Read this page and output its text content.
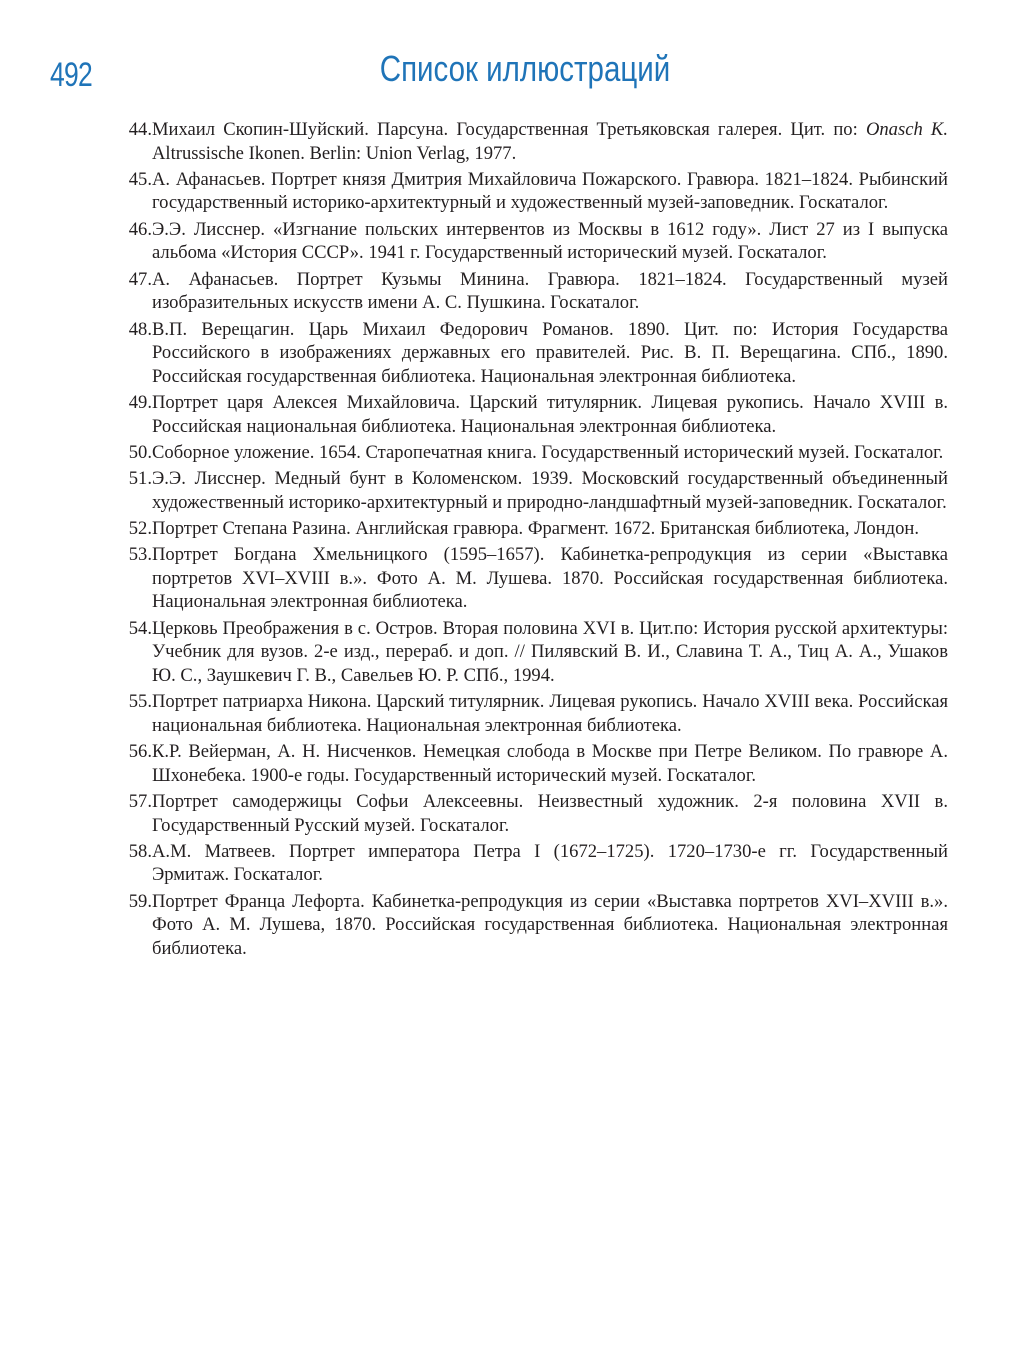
492	Список иллюстраций
44. Михаил Скопин-Шуйский. Парсуна. Государственная Третьяковская галерея. Цит. по: Onasch K. Altrussische Ikonen. Berlin: Union Verlag, 1977.
45. А. Афанасьев. Портрет князя Дмитрия Михайловича Пожарского. Гравюра. 1821–1824. Рыбинский государственный историко-архитектурный и художественный музей-заповедник. Госкаталог.
46. Э.Э. Лисснер. «Изгнание польских интервентов из Москвы в 1612 году». Лист 27 из I выпуска альбома «История СССР». 1941 г. Государственный исторический музей. Госкаталог.
47. А. Афанасьев. Портрет Кузьмы Минина. Гравюра. 1821–1824. Государственный музей изобразительных искусств имени А. С. Пушкина. Госкаталог.
48. В.П. Верещагин. Царь Михаил Федорович Романов. 1890. Цит. по: История Государства Российского в изображениях державных его правителей. Рис. В. П. Верещагина. СПб., 1890. Российская государственная библиотека. Национальная электронная библиотека.
49. Портрет царя Алексея Михайловича. Царский титулярник. Лицевая рукопись. Начало XVIII в. Российская национальная библиотека. Национальная электронная библиотека.
50. Соборное уложение. 1654. Старопечатная книга. Государственный исторический музей. Госкаталог.
51. Э.Э. Лисснер. Медный бунт в Коломенском. 1939. Московский государственный объединенный художественный историко-архитектурный и природно-ландшафтный музей-заповедник. Госкаталог.
52. Портрет Степана Разина. Английская гравюра. Фрагмент. 1672. Британская библиотека, Лондон.
53. Портрет Богдана Хмельницкого (1595–1657). Кабинетка-репродукция из серии «Выставка портретов XVI–XVIII в.». Фото А. М. Лушева. 1870. Российская государственная библиотека. Национальная электронная библиотека.
54. Церковь Преображения в с. Остров. Вторая половина XVI в. Цит.по: История русской архитектуры: Учебник для вузов. 2-е изд., перераб. и доп. // Пилявский В. И., Славина Т. А., Тиц А. А., Ушаков Ю. С., Заушкевич Г. В., Савельев Ю. Р. СПб., 1994.
55. Портрет патриарха Никона. Царский титулярник. Лицевая рукопись. Начало XVIII века. Российская национальная библиотека. Национальная электронная библиотека.
56. К.Р. Вейерман, А. Н. Нисченков. Немецкая слобода в Москве при Петре Великом. По гравюре А. Шхонебека. 1900-е годы. Государственный исторический музей. Госкаталог.
57. Портрет самодержицы Софьи Алексеевны. Неизвестный художник. 2-я половина XVII в. Государственный Русский музей. Госкаталог.
58. А.М. Матвеев. Портрет императора Петра I (1672–1725). 1720–1730-е гг. Государственный Эрмитаж. Госкаталог.
59. Портрет Франца Лефорта. Кабинетка-репродукция из серии «Выставка портретов XVI–XVIII в.». Фото А. М. Лушева, 1870. Российская государственная библиотека. Национальная электронная библиотека.
